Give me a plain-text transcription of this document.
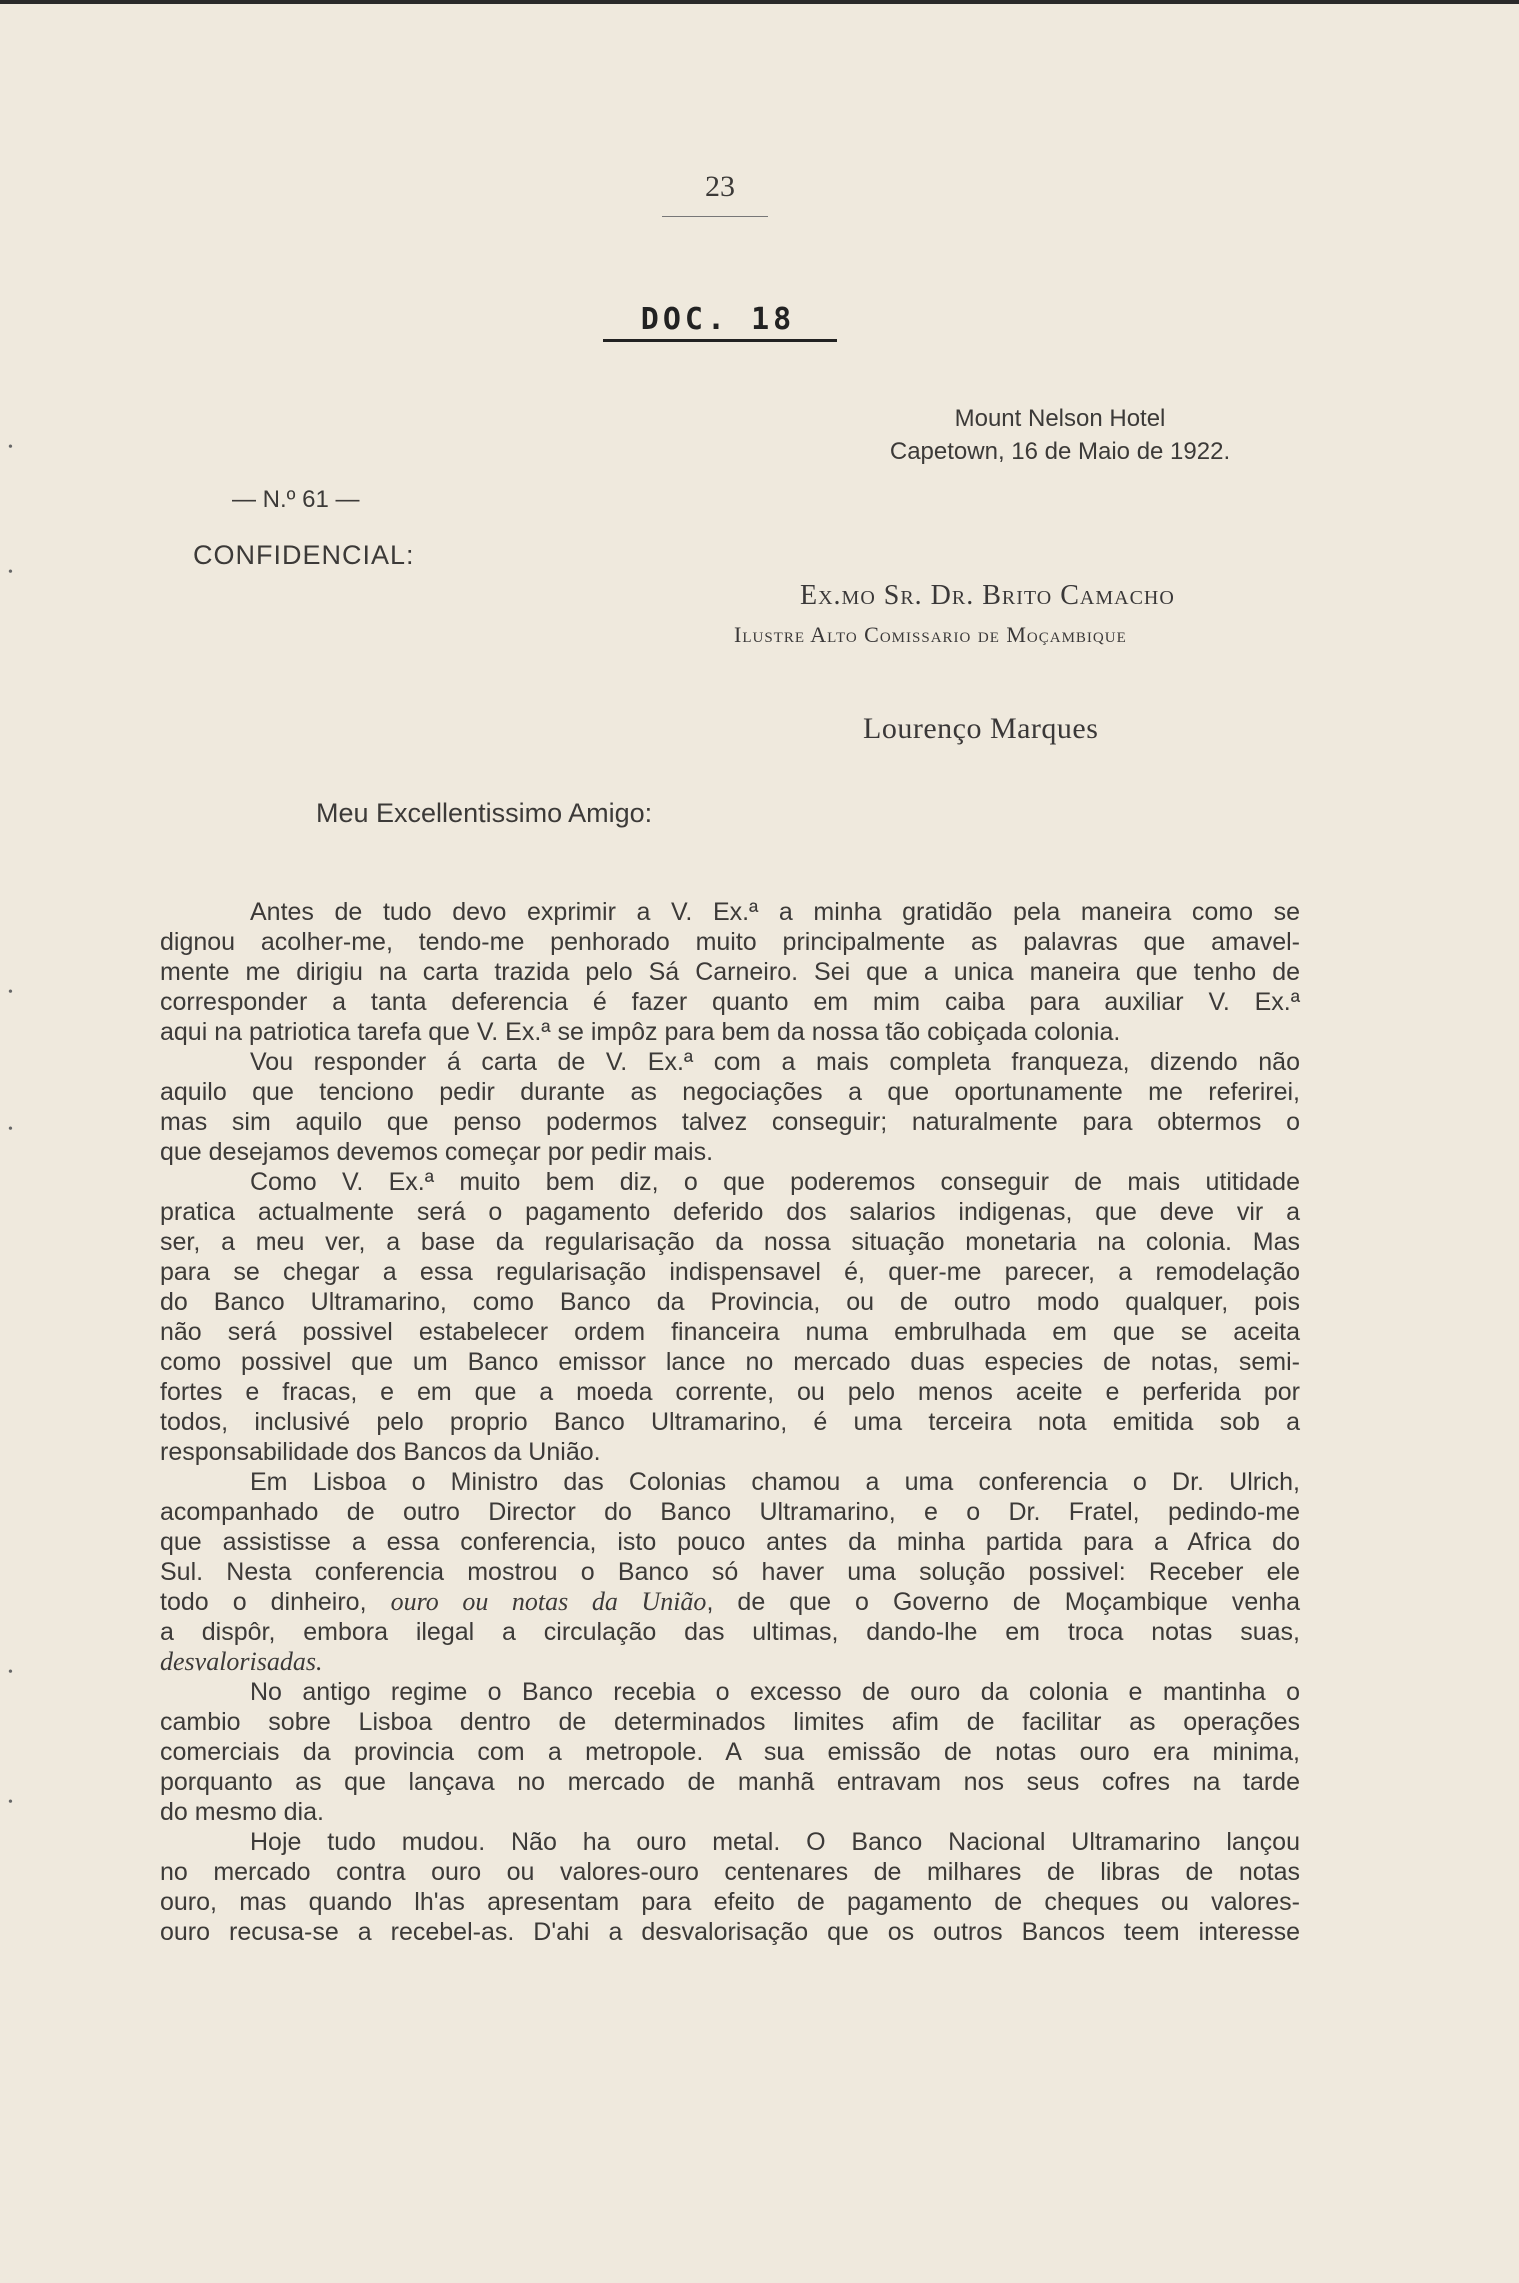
23
DOC. 18
Mount Nelson Hotel
Capetown, 16 de Maio de 1922.
— N.º 61 —
CONFIDENCIAL:
Ex.mo Sr. Dr. Brito Camacho
Ilustre Alto Comissario de Moçambique
Lourenço Marques
Meu Excellentissimo Amigo:
Antes de tudo devo exprimir a V. Ex.ª a minha gratidão pela maneira como se
dignou acolher-me, tendo-me penhorado muito principalmente as palavras que amavel-
mente me dirigiu na carta trazida pelo Sá Carneiro. Sei que a unica maneira que tenho de
corresponder a tanta deferencia é fazer quanto em mim caiba para auxiliar V. Ex.ª
aqui na patriotica tarefa que V. Ex.ª se impôz para bem da nossa tão cobiçada colonia.
Vou responder á carta de V. Ex.ª com a mais completa franqueza, dizendo não
aquilo que tenciono pedir durante as negociações a que oportunamente me referirei,
mas sim aquilo que penso podermos talvez conseguir; naturalmente para obtermos o
que desejamos devemos começar por pedir mais.
Como V. Ex.ª muito bem diz, o que poderemos conseguir de mais utitidade
pratica actualmente será o pagamento deferido dos salarios indigenas, que deve vir a
ser, a meu ver, a base da regularisação da nossa situação monetaria na colonia. Mas
para se chegar a essa regularisação indispensavel é, quer-me parecer, a remodelação
do Banco Ultramarino, como Banco da Provincia, ou de outro modo qualquer, pois
não será possivel estabelecer ordem financeira numa embrulhada em que se aceita
como possivel que um Banco emissor lance no mercado duas especies de notas, semi-
fortes e fracas, e em que a moeda corrente, ou pelo menos aceite e perferida por
todos, inclusivé pelo proprio Banco Ultramarino, é uma terceira nota emitida sob a
responsabilidade dos Bancos da União.
Em Lisboa o Ministro das Colonias chamou a uma conferencia o Dr. Ulrich,
acompanhado de outro Director do Banco Ultramarino, e o Dr. Fratel, pedindo-me
que assistisse a essa conferencia, isto pouco antes da minha partida para a Africa do
Sul. Nesta conferencia mostrou o Banco só haver uma solução possivel: Receber ele
todo o dinheiro, ouro ou notas da União, de que o Governo de Moçambique venha
a dispôr, embora ilegal a circulação das ultimas, dando-lhe em troca notas suas,
desvalorisadas.
No antigo regime o Banco recebia o excesso de ouro da colonia e mantinha o
cambio sobre Lisboa dentro de determinados limites afim de facilitar as operações
comerciais da provincia com a metropole. A sua emissão de notas ouro era minima,
porquanto as que lançava no mercado de manhã entravam nos seus cofres na tarde
do mesmo dia.
Hoje tudo mudou. Não ha ouro metal. O Banco Nacional Ultramarino lançou
no mercado contra ouro ou valores-ouro centenares de milhares de libras de notas
ouro, mas quando lh'as apresentam para efeito de pagamento de cheques ou valores-
ouro recusa-se a recebel-as. D'ahi a desvalorisação que os outros Bancos teem interesse
•
•
•
•
•
•
